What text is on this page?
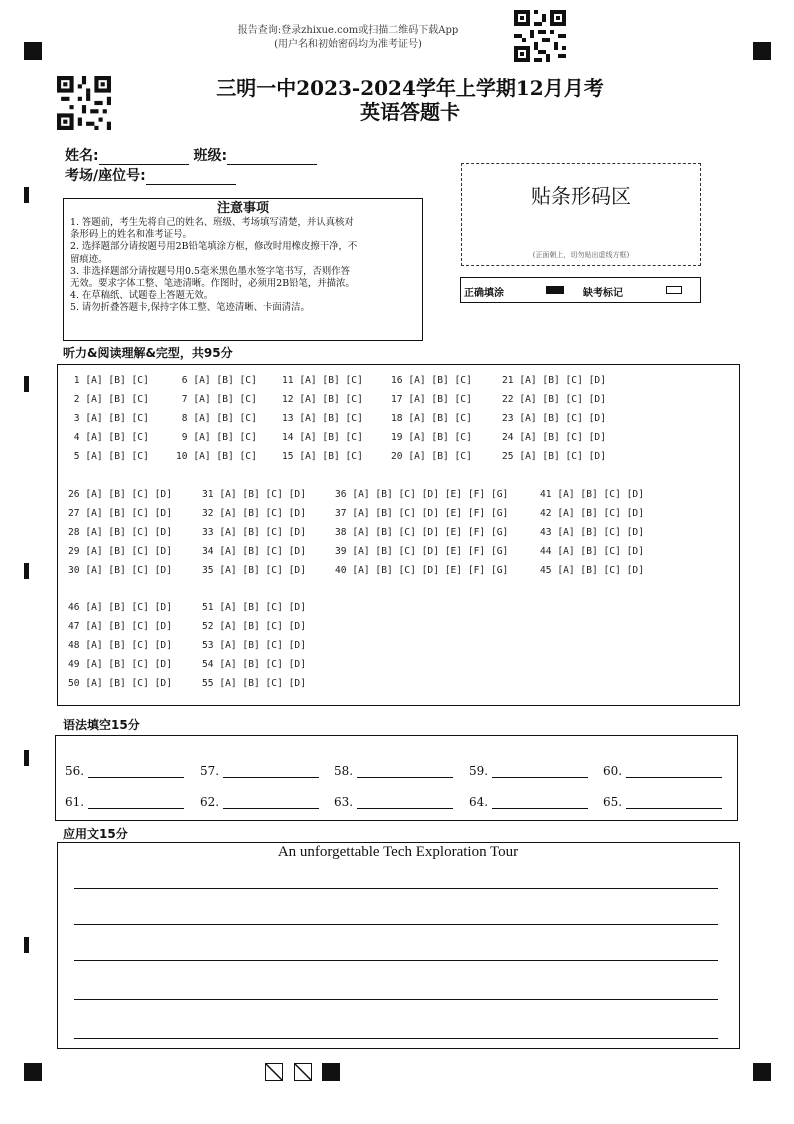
报告查询:登录zhixue.com或扫描二维码下载App
(用户名和初始密码均为准考证号)
三明一中2023-2024学年上学期12月月考
英语答题卡
姓名:	班级:
考场/座位号:
贴条形码区
(正面朝上，切勿贴出虚线方框)
正确填涂	缺考标记
注意事项
1. 答题前，考生先将自己的姓名、班级、考场填写清楚，并认真核对
条形码上的姓名和准考证号。
2. 选择题部分请按题号用2B铅笔填涂方框，修改时用橡皮擦干净，不
留痕迹。
3. 非选择题部分请按题号用0.5毫米黑色墨水签字笔书写，否则作答
无效。要求字体工整、笔迹清晰。作图时，必须用2B铅笔，并描浓。
4. 在草稿纸、试题卷上答题无效。
5. 请勿折叠答题卡,保持字体工整、笔迹清晰、卡面清洁。
听力&阅读理解&完型，共95分
1 [A] [B] [C]	6 [A] [B] [C]	11 [A] [B] [C]	16 [A] [B] [C]	21 [A] [B] [C] [D]
2 [A] [B] [C]	7 [A] [B] [C]	12 [A] [B] [C]	17 [A] [B] [C]	22 [A] [B] [C] [D]
3 [A] [B] [C]	8 [A] [B] [C]	13 [A] [B] [C]	18 [A] [B] [C]	23 [A] [B] [C] [D]
4 [A] [B] [C]	9 [A] [B] [C]	14 [A] [B] [C]	19 [A] [B] [C]	24 [A] [B] [C] [D]
5 [A] [B] [C]	10 [A] [B] [C]	15 [A] [B] [C]	20 [A] [B] [C]	25 [A] [B] [C] [D]
26 [A] [B] [C] [D]	31 [A] [B] [C] [D]	36 [A] [B] [C] [D] [E] [F] [G]	41 [A] [B] [C] [D]
27 [A] [B] [C] [D]	32 [A] [B] [C] [D]	37 [A] [B] [C] [D] [E] [F] [G]	42 [A] [B] [C] [D]
28 [A] [B] [C] [D]	33 [A] [B] [C] [D]	38 [A] [B] [C] [D] [E] [F] [G]	43 [A] [B] [C] [D]
29 [A] [B] [C] [D]	34 [A] [B] [C] [D]	39 [A] [B] [C] [D] [E] [F] [G]	44 [A] [B] [C] [D]
30 [A] [B] [C] [D]	35 [A] [B] [C] [D]	40 [A] [B] [C] [D] [E] [F] [G]	45 [A] [B] [C] [D]
46 [A] [B] [C] [D]	51 [A] [B] [C] [D]
47 [A] [B] [C] [D]	52 [A] [B] [C] [D]
48 [A] [B] [C] [D]	53 [A] [B] [C] [D]
49 [A] [B] [C] [D]	54 [A] [B] [C] [D]
50 [A] [B] [C] [D]	55 [A] [B] [C] [D]
语法填空15分
56.	57.	58.	59.	60.
61.	62.	63.	64.	65.
应用文15分
An unforgettable Tech Exploration Tour
